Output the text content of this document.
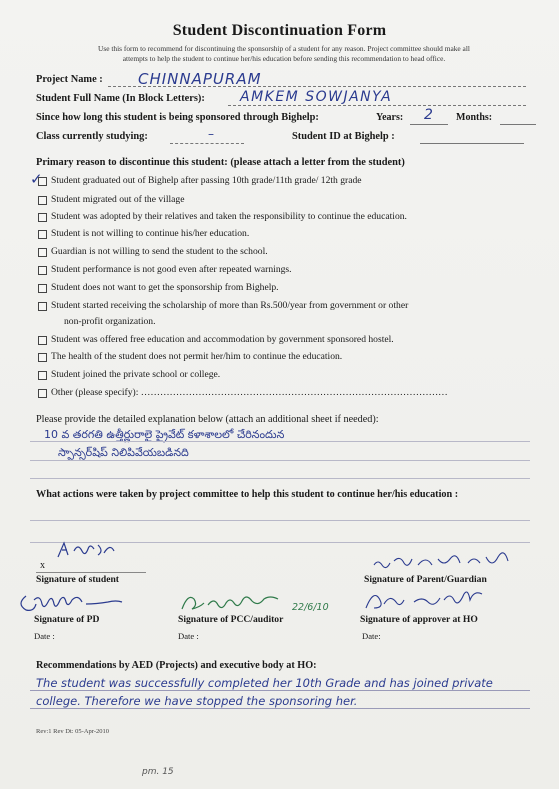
Student Discontinuation Form
Use this form to recommend for discontinuing the sponsorship of a student for any reason. Project committee should make all
attempts to help the student to continue her/his education before sending this recommendation to head office.
Project Name : CHINNAPURAM
Student Full Name (In Block Letters):	AMKEM SOWJANYA
Since how long this student is being sponsored through Bighelp:	Years: 2 Months:
Class currently studying:	–	Student ID at Bighelp :
Primary reason to discontinue this student: (please attach a letter from the student)
✓ Student graduated out of Bighelp after passing 10th grade/11th grade/ 12th grade
Student migrated out of the village
Student was adopted by their relatives and taken the responsibility to continue the education.
Student is not willing to continue his/her education.
Guardian is not willing to send the student to the school.
Student performance is not good even after repeated warnings.
Student does not want to get the sponsorship from Bighelp.
Student started receiving the scholarship of more than Rs.500/year from government or other
non-profit organization.
Student was offered free education and accommodation by government sponsored hostel.
The health of the student does not permit her/him to continue the education.
Student joined the private school or college.
Other (please specify): ……………………………………………………………………………………
Please provide the detailed explanation below (attach an additional sheet if needed):
10 వ తరగతి ఉత్తీర్ణురాలై ప్రైవేట్ కళాశాలలో చేరినందున
స్పాన్సర్‌షిప్ నిలిపివేయబడినది
What actions were taken by project committee to help this student to continue her/his education :
x
Signature of student	Signature of Parent/Guardian
Signature of PD
Date :
22/6/10
Signature of PCC/auditor
Date :
Signature of approver at HO
Date:
Recommendations by AED (Projects) and executive body at HO:
The student was successfully completed her 10th Grade and has joined private
college. Therefore we have stopped the sponsoring her.
Rev:1 Rev Dt: 05-Apr-2010
pm. 15
